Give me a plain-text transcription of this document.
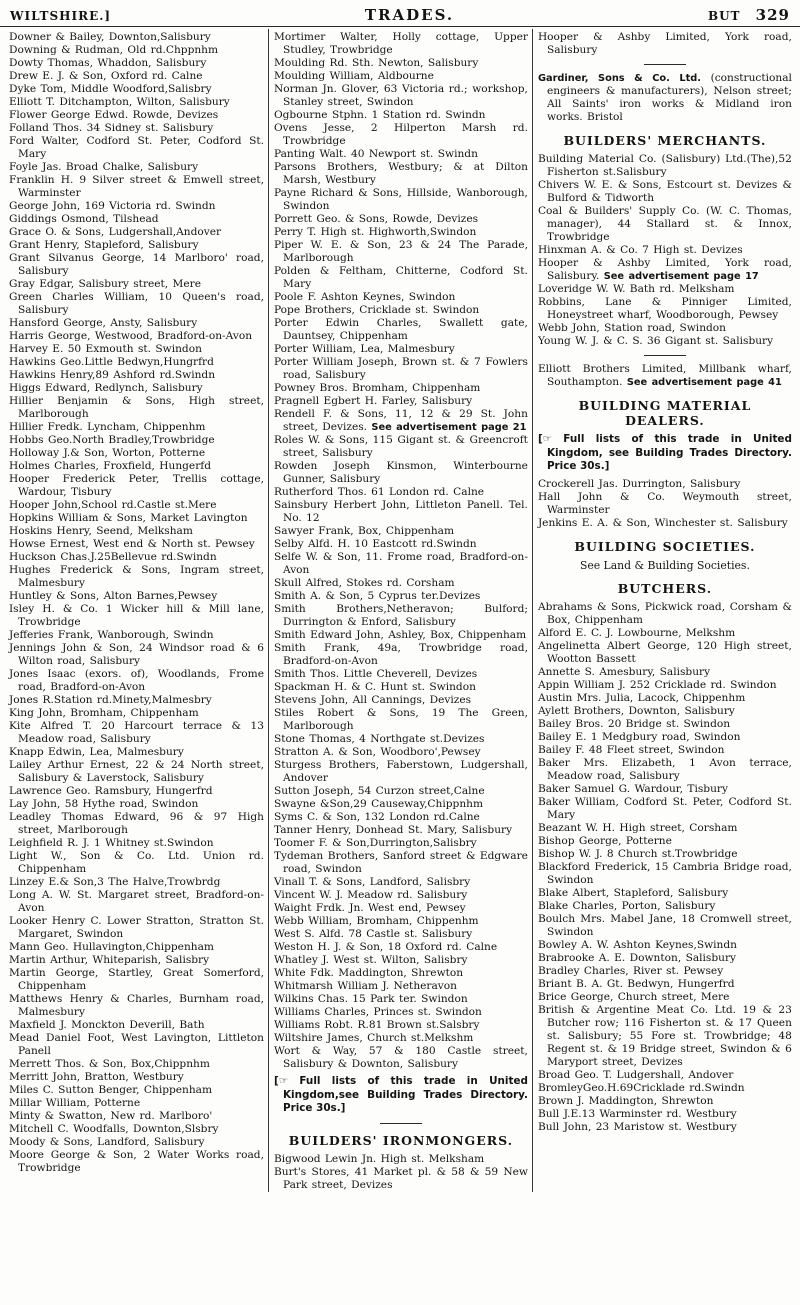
WILTSHIRE.]	TRADES.	BUT 329

Downer & Bailey, Downton,Salisbury

Downing & Rudman, Old rd.Chppnhm

Dowty Thomas, Whaddon, Salisbury

Drew E. J. & Son, Oxford rd. Calne

Dyke Tom, Middle Woodford,Salisbry

Elliott T. Ditchampton, Wilton, Salisbury

Flower George Edwd. Rowde, Devizes

Folland Thos. 34 Sidney st. Salisbury

Ford Walter, Codford St. Peter, Codford St. Mary

Foyle Jas. Broad Chalke, Salisbury

Franklin H. 9 Silver street & Emwell street, Warminster

George John, 169 Victoria rd. Swindn

Giddings Osmond, Tilshead

Grace O. & Sons, Ludgershall,Andover

Grant Henry, Stapleford, Salisbury

Grant Silvanus George, 14 Marlboro' road, Salisbury

Gray Edgar, Salisbury street, Mere

Green Charles William, 10 Queen's road, Salisbury

Hansford George, Ansty, Salisbury

Harris George, Westwood, Bradford-on-Avon

Harvey E. 50 Exmouth st. Swindon

Hawkins Geo.Little Bedwyn,Hungrfrd

Hawkins Henry,89 Ashford rd.Swindn

Higgs Edward, Redlynch, Salisbury

Hillier Benjamin & Sons, High street, Marlborough

Hillier Fredk. Lyncham, Chippenhm

Hobbs Geo.North Bradley,Trowbridge

Holloway J.& Son, Worton, Potterne

Holmes Charles, Froxfield, Hungerfd

Hooper Frederick Peter, Trellis cottage, Wardour, Tisbury

Hooper John,School rd.Castle st.Mere

Hopkins William & Sons, Market Lavington

Hoskins Henry, Seend, Melksham

Howse Ernest, West end & North st. Pewsey

Huckson Chas.J.25Bellevue rd.Swindn

Hughes Frederick & Sons, Ingram street, Malmesbury

Huntley & Sons, Alton Barnes,Pewsey

Isley H. & Co. 1 Wicker hill & Mill lane, Trowbridge

Jefferies Frank, Wanborough, Swindn

Jennings John & Son, 24 Windsor road & 6 Wilton road, Salisbury

Jones Isaac (exors. of), Woodlands, Frome road, Bradford-on-Avon

Jones R.Station rd.Minety,Malmesbry

King John, Bromham, Chippenham

Kite Alfred T. 20 Harcourt terrace & 13 Meadow road, Salisbury

Knapp Edwin, Lea, Malmesbury

Lailey Arthur Ernest, 22 & 24 North street, Salisbury & Laverstock, Salisbury

Lawrence Geo. Ramsbury, Hungerfrd

Lay John, 58 Hythe road, Swindon

Leadley Thomas Edward, 96 & 97 High street, Marlborough

Leighfield R. J. 1 Whitney st.Swindon

Light W., Son & Co. Ltd. Union rd. Chippenham

Linzey E.& Son,3 The Halve,Trowbrdg

Long A. W. St. Margaret street, Bradford-on-Avon

Looker Henry C. Lower Stratton, Stratton St. Margaret, Swindon

Mann Geo. Hullavington,Chippenham

Martin Arthur, Whiteparish, Salisbry

Martin George, Startley, Great Somerford, Chippenham

Matthews Henry & Charles, Burnham road, Malmesbury

Maxfield J. Monckton Deverill, Bath

Mead Daniel Foot, West Lavington, Littleton Panell

Merrett Thos. & Son, Box,Chippnhm

Merritt John, Bratton, Westbury

Miles C. Sutton Benger, Chippenham

Millar William, Potterne

Minty & Swatton, New rd. Marlboro'

Mitchell C. Woodfalls, Downton,Slsbry

Moody & Sons, Landford, Salisbury

Moore George & Son, 2 Water Works road, Trowbridge

Mortimer Walter, Holly cottage, Upper Studley, Trowbridge

Moulding Rd. Sth. Newton, Salisbury

Moulding William, Aldbourne

Norman Jn. Glover, 63 Victoria rd.; workshop, Stanley street, Swindon

Ogbourne Stphn. 1 Station rd. Swindn

Ovens Jesse, 2 Hilperton Marsh rd. Trowbridge

Panting Walt. 40 Newport st. Swindn

Parsons Brothers, Westbury; & at Dilton Marsh, Westbury

Payne Richard & Sons, Hillside, Wanborough, Swindon

Porrett Geo. & Sons, Rowde, Devizes

Perry T. High st. Highworth,Swindon

Piper W. E. & Son, 23 & 24 The Parade, Marlborough

Polden & Feltham, Chitterne, Codford St. Mary

Poole F. Ashton Keynes, Swindon

Pope Brothers, Cricklade st. Swindon

Porter Edwin Charles, Swallett gate, Dauntsey, Chippenham

Porter William, Lea, Malmesbury

Porter William Joseph, Brown st. & 7 Fowlers road, Salisbury

Powney Bros. Bromham, Chippenham

Pragnell Egbert H. Farley, Salisbury

Rendell F. & Sons, 11, 12 & 29 St. John street, Devizes. See advertisement page 21

Roles W. & Sons, 115 Gigant st. & Greencroft street, Salisbury

Rowden Joseph Kinsmon, Winterbourne Gunner, Salisbury

Rutherford Thos. 61 London rd. Calne

Sainsbury Herbert John, Littleton Panell. Tel. No. 12

Sawyer Frank, Box, Chippenham

Selby Alfd. H. 10 Eastcott rd.Swindn

Selfe W. & Son, 11. Frome road, Bradford-on-Avon

Skull Alfred, Stokes rd. Corsham

Smith A. & Son, 5 Cyprus ter.Devizes

Smith Brothers,Netheravon; Bulford; Durrington & Enford, Salisbury

Smith Edward John, Ashley, Box, Chippenham

Smith Frank, 49a, Trowbridge road, Bradford-on-Avon

Smith Thos. Little Cheverell, Devizes

Spackman H. & C. Hunt st. Swindon

Stevens John, All Cannings, Devizes

Stiles Robert & Sons, 19 The Green, Marlborough

Stone Thomas, 4 Northgate st.Devizes

Stratton A. & Son, Woodboro',Pewsey

Sturgess Brothers, Faberstown, Ludgershall, Andover

Sutton Joseph, 54 Curzon street,Calne

Swayne &Son,29 Causeway,Chippnhm

Syms C. & Son, 132 London rd.Calne

Tanner Henry, Donhead St. Mary, Salisbury

Toomer F. & Son,Durrington,Salisbry

Tydeman Brothers, Sanford street & Edgware road, Swindon

Vinall T. & Sons, Landford, Salisbry

Vincent W. J. Meadow rd. Salisbury

Waight Frdk. Jn. West end, Pewsey

Webb William, Bromham, Chippenhm

West S. Alfd. 78 Castle st. Salisbury

Weston H. J. & Son, 18 Oxford rd. Calne

Whatley J. West st. Wilton, Salisbry

White Fdk. Maddington, Shrewton

Whitmarsh William J. Netheravon

Wilkins Chas. 15 Park ter. Swindon

Williams Charles, Princes st. Swindon

Williams Robt. R.81 Brown st.Salsbry

Wiltshire James, Church st.Melkshm

Wort & Way, 57 & 180 Castle street, Salisbury & Downton, Salisbury

[☞ Full lists of this trade in United Kingdom,see Building Trades Directory. Price 30s.]

BUILDERS' IRONMONGERS.

Bigwood Lewin Jn. High st. Melksham

Burt's Stores, 41 Market pl. & 58 & 59 New Park street, Devizes

Hooper & Ashby Limited, York road, Salisbury

Gardiner, Sons & Co. Ltd. (constructional engineers & manufacturers), Nelson street; All Saints' iron works & Midland iron works. Bristol

BUILDERS' MERCHANTS.

Building Material Co. (Salisbury) Ltd.(The),52 Fisherton st.Salisbury

Chivers W. E. & Sons, Estcourt st. Devizes & Bulford & Tidworth

Coal & Builders' Supply Co. (W. C. Thomas, manager), 44 Stallard st. & Innox, Trowbridge

Hinxman A. & Co. 7 High st. Devizes

Hooper & Ashby Limited, York road, Salisbury. See advertisement page 17

Loveridge W. W. Bath rd. Melksham

Robbins, Lane & Pinniger Limited, Honeystreet wharf, Woodborough, Pewsey

Webb John, Station road, Swindon

Young W. J. & C. S. 36 Gigant st. Salisbury

Elliott Brothers Limited, Millbank wharf, Southampton. See advertisement page 41

BUILDING MATERIAL DEALERS.

[☞ Full lists of this trade in United Kingdom, see Building Trades Directory. Price 30s.]

Crockerell Jas. Durrington, Salisbury

Hall John & Co. Weymouth street, Warminster

Jenkins E. A. & Son, Winchester st. Salisbury

BUILDING SOCIETIES.

See Land & Building Societies.

BUTCHERS.

Abrahams & Sons, Pickwick road, Corsham & Box, Chippenham

Alford E. C. J. Lowbourne, Melkshm

Angelinetta Albert George, 120 High street, Wootton Bassett

Annette S. Amesbury, Salisbury

Appin William J. 252 Cricklade rd. Swindon

Austin Mrs. Julia, Lacock, Chippenhm

Aylett Brothers, Downton, Salisbury

Bailey Bros. 20 Bridge st. Swindon

Bailey E. 1 Medgbury road, Swindon

Bailey F. 48 Fleet street, Swindon

Baker Mrs. Elizabeth, 1 Avon terrace, Meadow road, Salisbury

Baker Samuel G. Wardour, Tisbury

Baker William, Codford St. Peter, Codford St. Mary

Beazant W. H. High street, Corsham

Bishop George, Potterne

Bishop W. J. 8 Church st.Trowbridge

Blackford Frederick, 15 Cambria Bridge road, Swindon

Blake Albert, Stapleford, Salisbury

Blake Charles, Porton, Salisbury

Boulch Mrs. Mabel Jane, 18 Cromwell street, Swindon

Bowley A. W. Ashton Keynes,Swindn

Brabrooke A. E. Downton, Salisbury

Bradley Charles, River st. Pewsey

Briant B. A. Gt. Bedwyn, Hungerfrd

Brice George, Church street, Mere

British & Argentine Meat Co. Ltd. 19 & 23 Butcher row; 116 Fisherton st. & 17 Queen st. Salisbury; 55 Fore st. Trowbridge; 48 Regent st. & 19 Bridge street, Swindon & 6 Maryport street, Devizes

Broad Geo. T. Ludgershall, Andover

BromleyGeo.H.69Cricklade rd.Swindn

Brown J. Maddington, Shrewton

Bull J.E.13 Warminster rd. Westbury

Bull John, 23 Maristow st. Westbury
